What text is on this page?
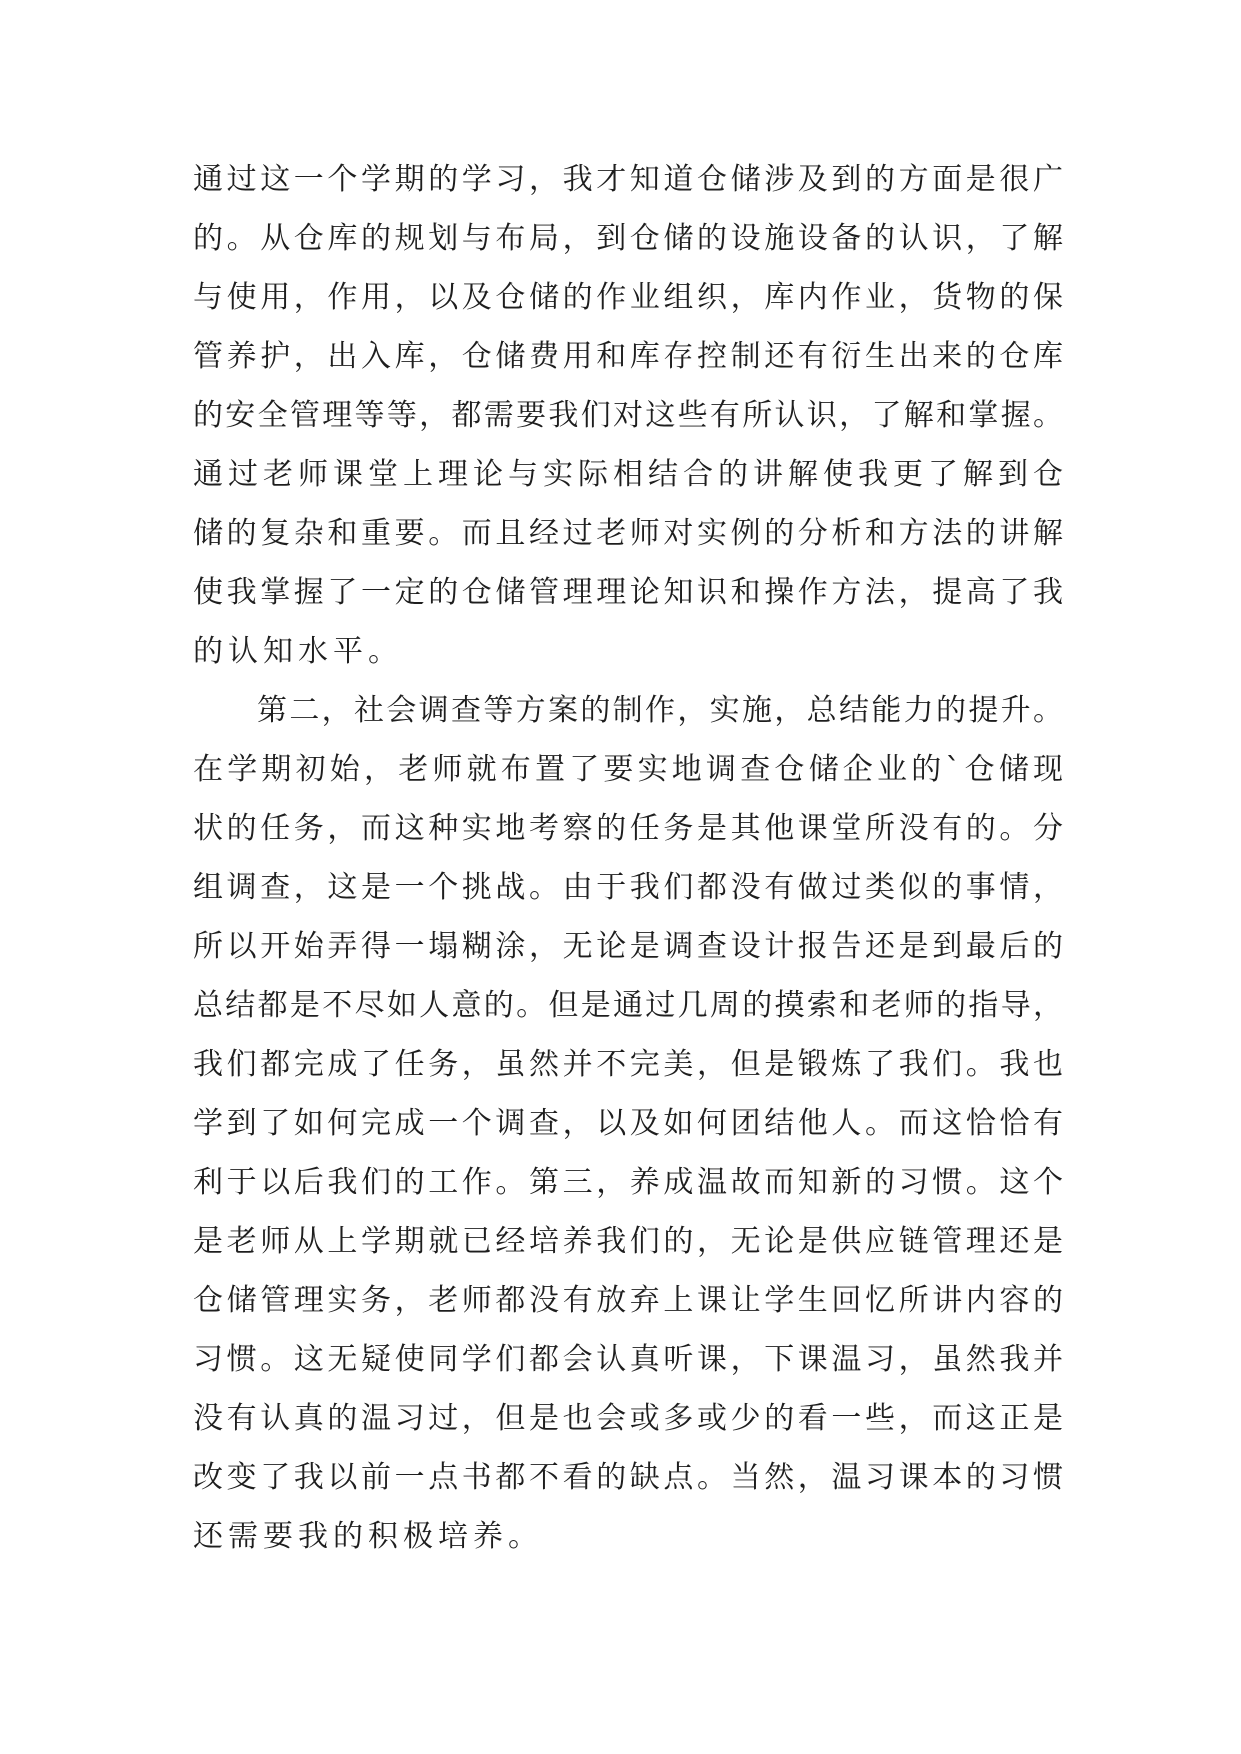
通过这一个学期的学习，我才知道仓储涉及到的方面是很广
的。从仓库的规划与布局，到仓储的设施设备的认识，了解
与使用，作用，以及仓储的作业组织，库内作业，货物的保
管养护，出入库，仓储费用和库存控制还有衍生出来的仓库
的安全管理等等，都需要我们对这些有所认识，了解和掌握。
通过老师课堂上理论与实际相结合的讲解使我更了解到仓
储的复杂和重要。而且经过老师对实例的分析和方法的讲解
使我掌握了一定的仓储管理理论知识和操作方法，提高了我
的认知水平。
第二，社会调查等方案的制作，实施，总结能力的提升。
在学期初始，老师就布置了要实地调查仓储企业的`仓储现
状的任务，而这种实地考察的任务是其他课堂所没有的。分
组调查，这是一个挑战。由于我们都没有做过类似的事情，
所以开始弄得一塌糊涂，无论是调查设计报告还是到最后的
总结都是不尽如人意的。但是通过几周的摸索和老师的指导，
我们都完成了任务，虽然并不完美，但是锻炼了我们。我也
学到了如何完成一个调查，以及如何团结他人。而这恰恰有
利于以后我们的工作。第三，养成温故而知新的习惯。这个
是老师从上学期就已经培养我们的，无论是供应链管理还是
仓储管理实务，老师都没有放弃上课让学生回忆所讲内容的
习惯。这无疑使同学们都会认真听课，下课温习，虽然我并
没有认真的温习过，但是也会或多或少的看一些，而这正是
改变了我以前一点书都不看的缺点。当然，温习课本的习惯
还需要我的积极培养。
